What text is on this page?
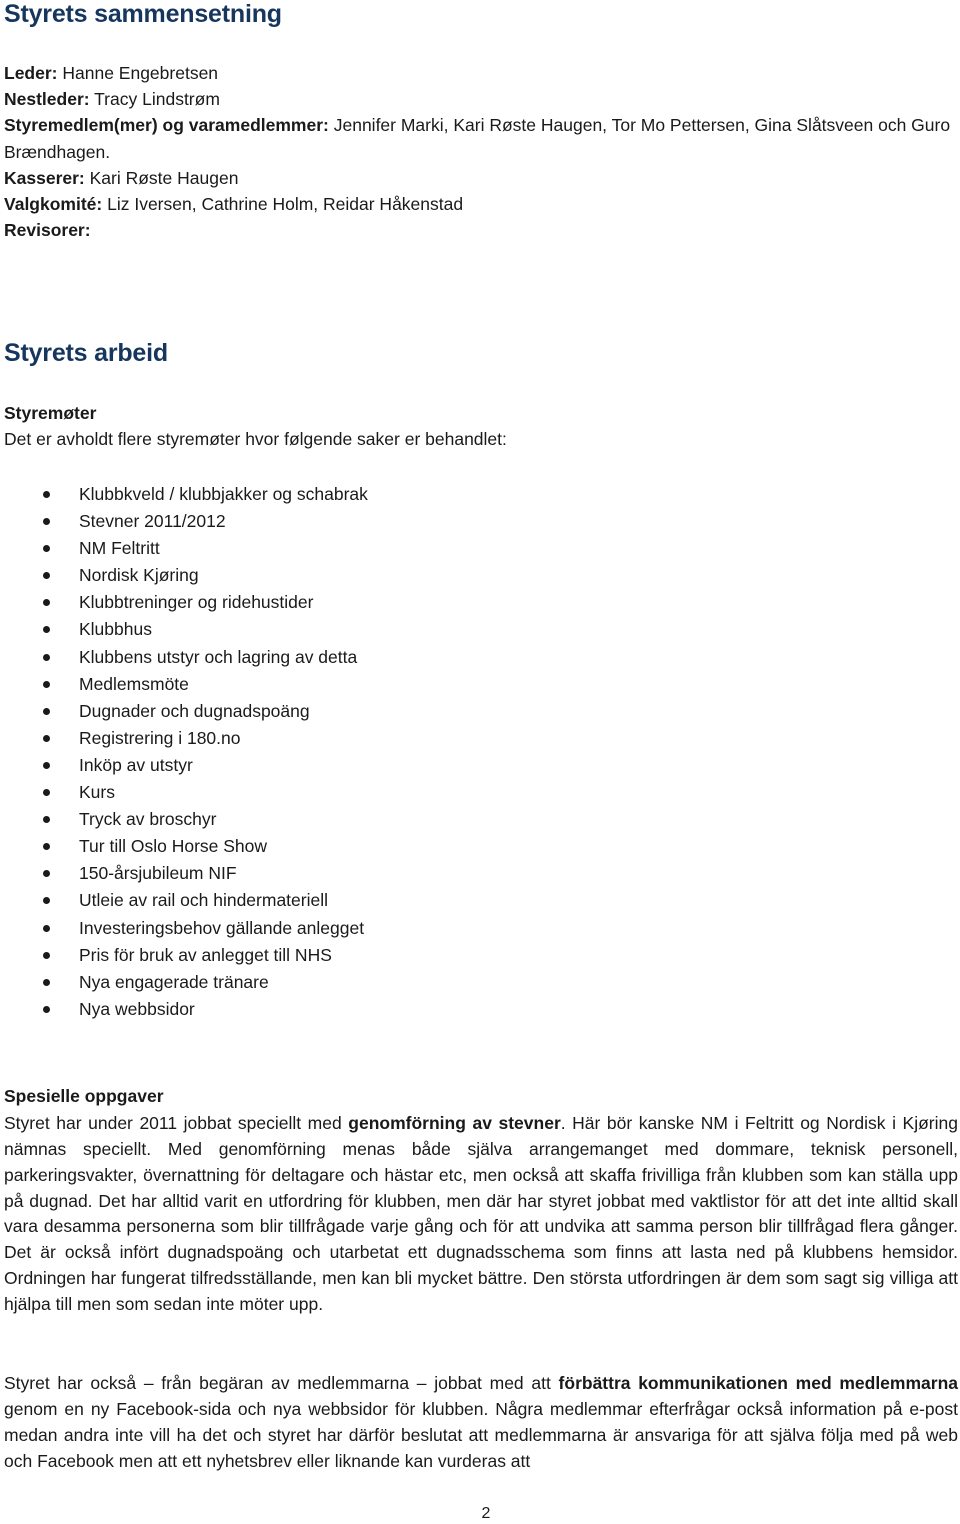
Styrets sammensetning
Leder: Hanne Engebretsen
Nestleder: Tracy Lindstrøm
Styremedlem(mer) og varamedlemmer: Jennifer Marki, Kari Røste Haugen, Tor Mo Pettersen, Gina Slåtsveen och Guro Brændhagen.
Kasserer: Kari Røste Haugen
Valgkomité: Liz Iversen, Cathrine Holm, Reidar Håkenstad
Revisorer:
Styrets arbeid
Styremøter
Det er avholdt flere styremøter hvor følgende saker er behandlet:
Klubbkveld / klubbjakker og schabrak
Stevner 2011/2012
NM Feltritt
Nordisk Kjøring
Klubbtreninger og ridehustider
Klubbhus
Klubbens utstyr och lagring av detta
Medlemsmöte
Dugnader och dugnadspoäng
Registrering i 180.no
Inköp av utstyr
Kurs
Tryck av broschyr
Tur till Oslo Horse Show
150-årsjubileum NIF
Utleie av rail och hindermateriell
Investeringsbehov gällande anlegget
Pris för bruk av anlegget till NHS
Nya engagerade tränare
Nya webbsidor
Spesielle oppgaver
Styret har under 2011 jobbat speciellt med genomförning av stevner. Här bör kanske NM i Feltritt og Nordisk i Kjøring nämnas speciellt. Med genomförning menas både själva arrangemanget med dommare, teknisk personell, parkeringsvakter, övernattning för deltagare och hästar etc, men också att skaffa frivilliga från klubben som kan ställa upp på dugnad. Det har alltid varit en utfordring för klubben, men där har styret jobbat med vaktlistor för att det inte alltid skall vara desamma personerna som blir tillfrågade varje gång och för att undvika att samma person blir tillfrågad flera gånger. Det är också infört dugnadspoäng och utarbetat ett dugnadsschema som finns att lasta ned på klubbens hemsidor. Ordningen har fungerat tilfredsställande, men kan bli mycket bättre. Den största utfordringen är dem som sagt sig villiga att hjälpa till men som sedan inte möter upp.
Styret har också – från begäran av medlemmarna – jobbat med att förbättra kommunikationen med medlemmarna genom en ny Facebook-sida och nya webbsidor för klubben. Några medlemmar efterfrågar också information på e-post medan andra inte vill ha det och styret har därför beslutat att medlemmarna är ansvariga för att själva följa med på web och Facebook men att ett nyhetsbrev eller liknande kan vurderas att
2
